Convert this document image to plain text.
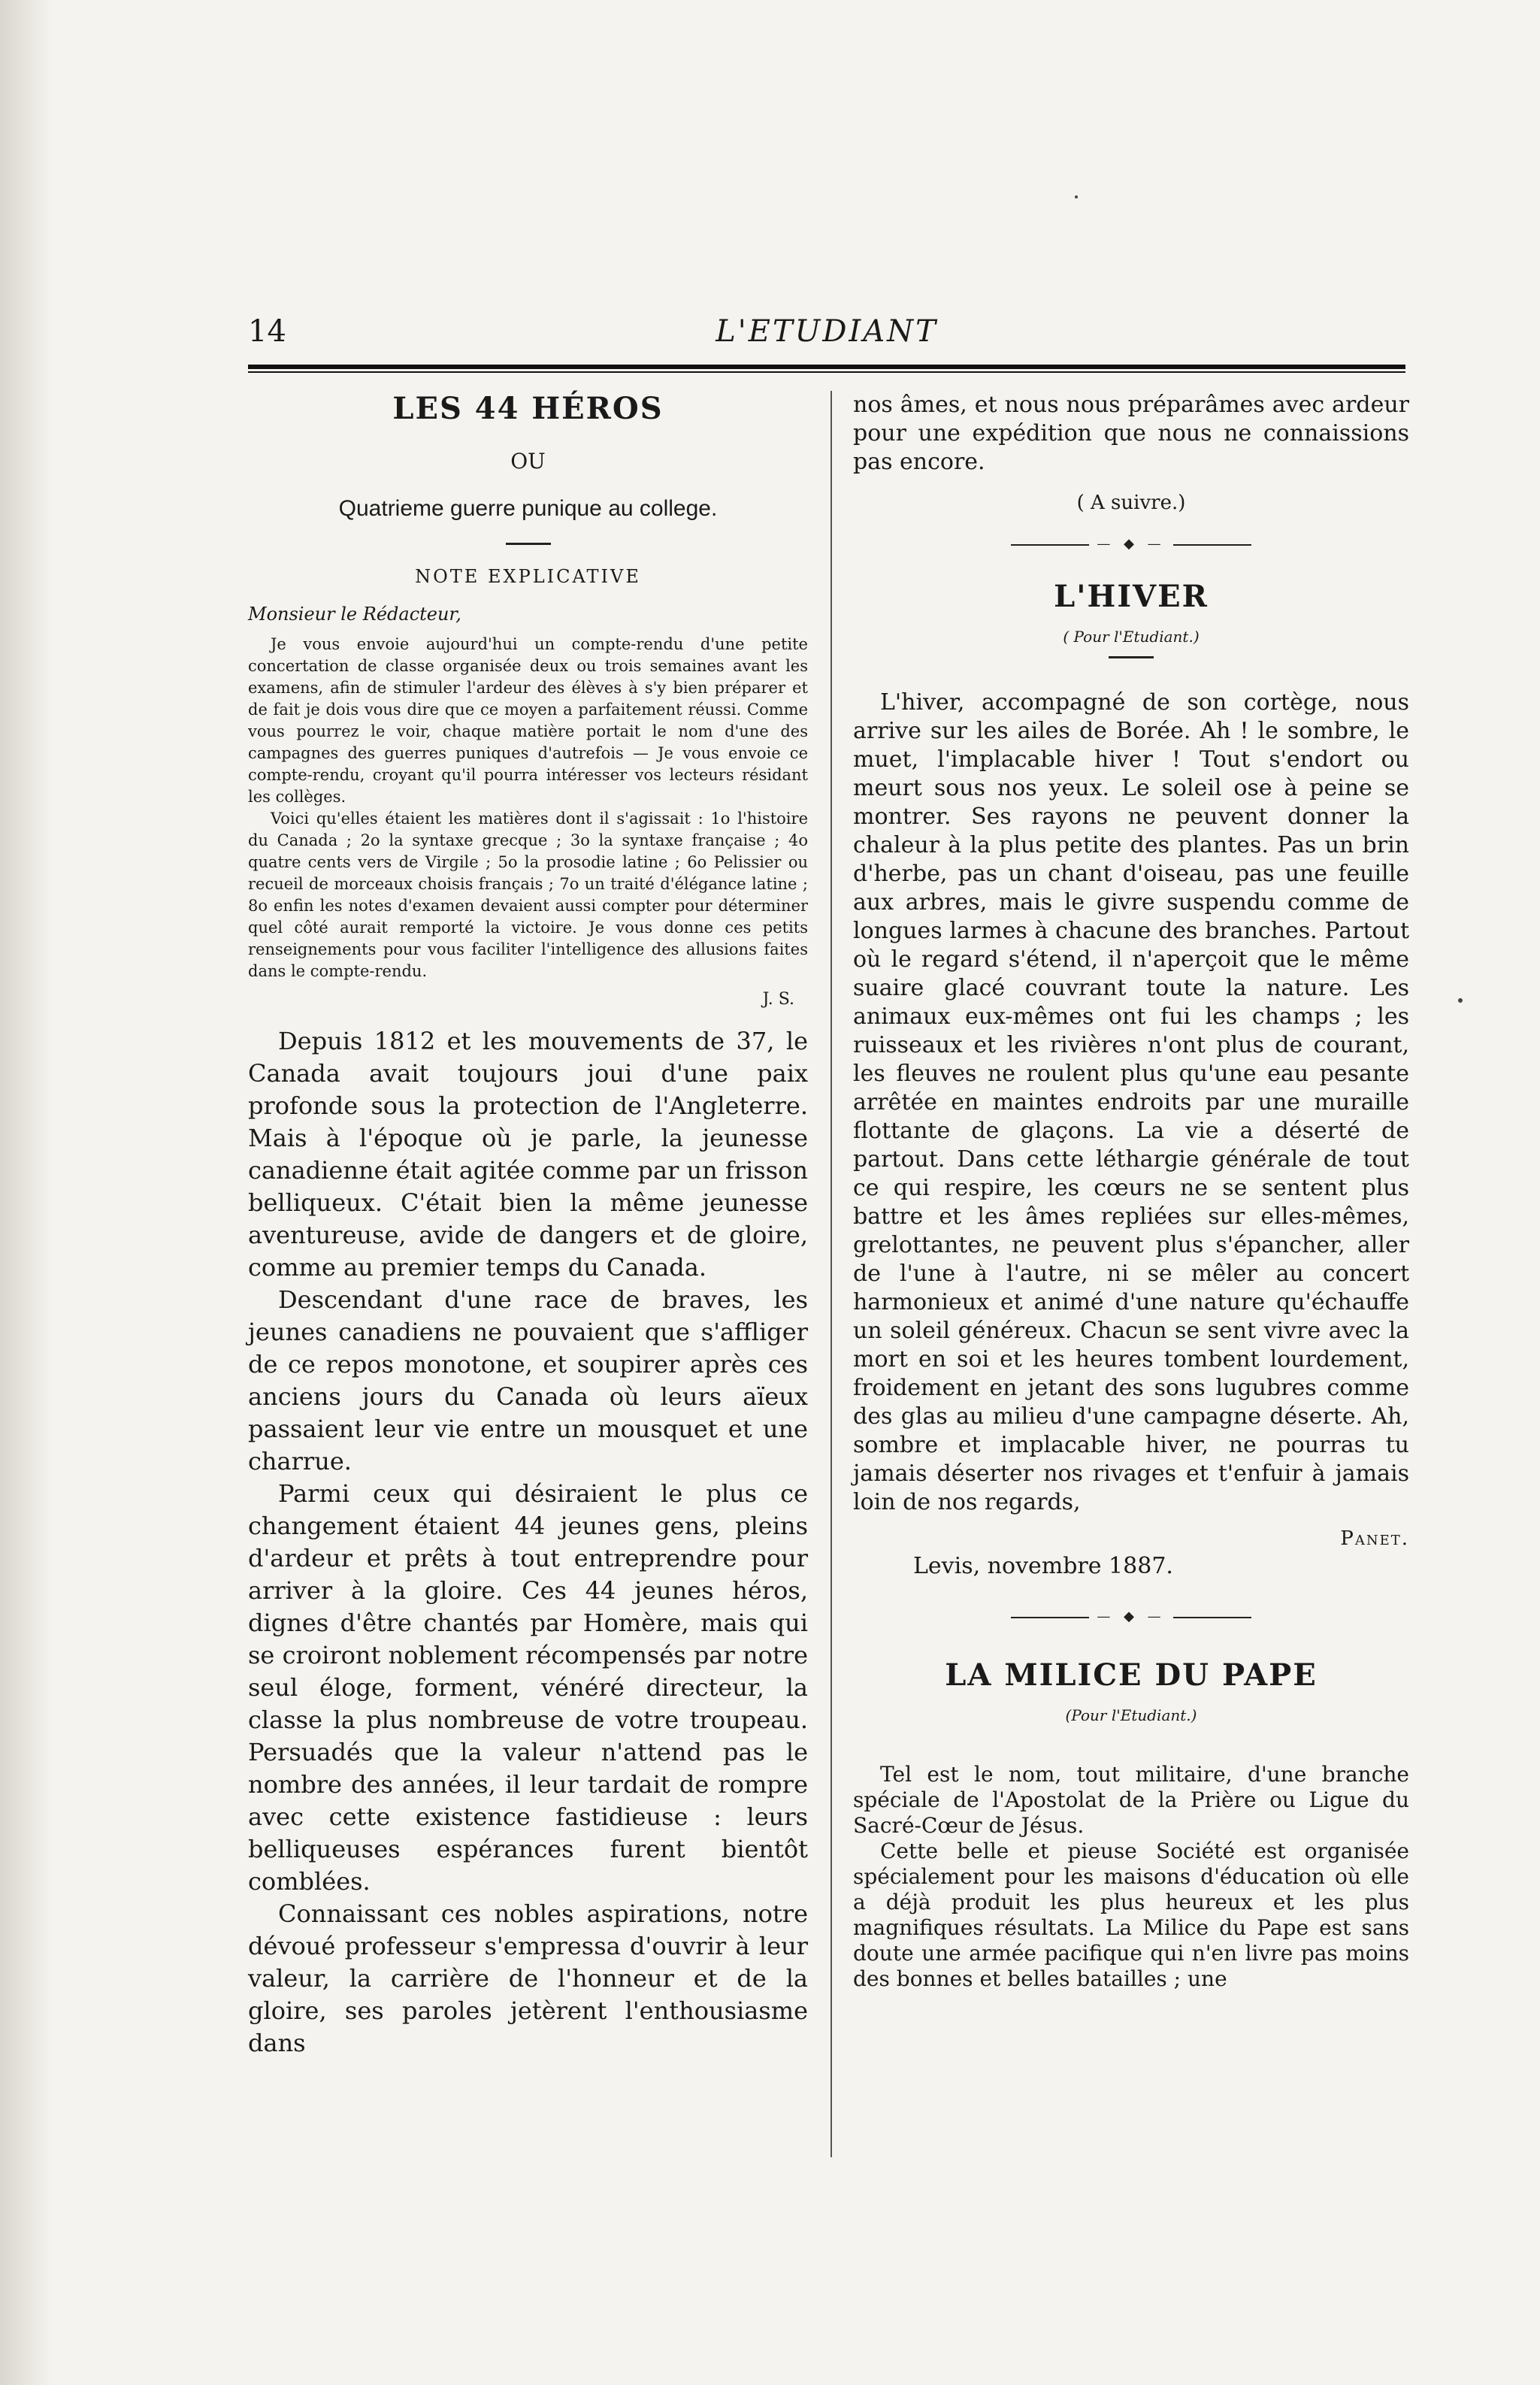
14	L'ETUDIANT
LES 44 HÉROS
OU
Quatrieme guerre punique au college.
NOTE EXPLICATIVE
Monsieur le Rédacteur,

Je vous envoie aujourd'hui un compte-rendu d'une petite concertation de classe organisée deux ou trois semaines avant les examens, afin de stimuler l'ardeur des élèves à s'y bien préparer et de fait je dois vous dire que ce moyen a parfaitement réussi. Comme vous pourrez le voir, chaque matière portait le nom d'une des campagnes des guerres puniques d'autrefois — Je vous envoie ce compte-rendu, croyant qu'il pourra intéresser vos lecteurs résidant les collèges.

Voici qu'elles étaient les matières dont il s'agissait : 1o l'histoire du Canada ; 2o la syntaxe grecque ; 3o la syntaxe française ; 4o quatre cents vers de Virgile ; 5o la prosodie latine ; 6o Pelissier ou recueil de morceaux choisis français ; 7o un traité d'élégance latine ; 8o enfin les notes d'examen devaient aussi compter pour déterminer quel côté aurait remporté la victoire. Je vous donne ces petits renseignements pour vous faciliter l'intelligence des allusions faites dans le compte-rendu.

J. S.

Depuis 1812 et les mouvements de 37, le Canada avait toujours joui d'une paix profonde sous la protection de l'Angleterre. Mais à l'époque où je parle, la jeunesse canadienne était agitée comme par un frisson belliqueux. C'était bien la même jeunesse aventureuse, avide de dangers et de gloire, comme au premier temps du Canada.

Descendant d'une race de braves, les jeunes canadiens ne pouvaient que s'affliger de ce repos monotone, et soupirer après ces anciens jours du Canada où leurs aïeux passaient leur vie entre un mousquet et une charrue.

Parmi ceux qui désiraient le plus ce changement étaient 44 jeunes gens, pleins d'ardeur et prêts à tout entreprendre pour arriver à la gloire. Ces 44 jeunes héros, dignes d'être chantés par Homère, mais qui se croiront noblement récompensés par notre seul éloge, forment, vénéré directeur, la classe la plus nombreuse de votre troupeau. Persuadés que la valeur n'attend pas le nombre des années, il leur tardait de rompre avec cette existence fastidieuse : leurs belliqueuses espérances furent bientôt comblées.

Connaissant ces nobles aspirations, notre dévoué professeur s'empressa d'ouvrir à leur valeur, la carrière de l'honneur et de la gloire, ses paroles jetèrent l'enthousiasme dans

nos âmes, et nous nous préparâmes avec ardeur pour une expédition que nous ne connaissions pas encore.

( A suivre.)
— ◆ —
L'HIVER
( Pour l'Etudiant.)

L'hiver, accompagné de son cortège, nous arrive sur les ailes de Borée. Ah ! le sombre, le muet, l'implacable hiver ! Tout s'endort ou meurt sous nos yeux. Le soleil ose à peine se montrer. Ses rayons ne peuvent donner la chaleur à la plus petite des plantes. Pas un brin d'herbe, pas un chant d'oiseau, pas une feuille aux arbres, mais le givre suspendu comme de longues larmes à chacune des branches. Partout où le regard s'étend, il n'aperçoit que le même suaire glacé couvrant toute la nature. Les animaux eux-mêmes ont fui les champs ; les ruisseaux et les rivières n'ont plus de courant, les fleuves ne roulent plus qu'une eau pesante arrêtée en maintes endroits par une muraille flottante de glaçons. La vie a déserté de partout. Dans cette léthargie générale de tout ce qui respire, les cœurs ne se sentent plus battre et les âmes repliées sur elles-mêmes, grelottantes, ne peuvent plus s'épancher, aller de l'une à l'autre, ni se mêler au concert harmonieux et animé d'une nature qu'échauffe un soleil généreux. Chacun se sent vivre avec la mort en soi et les heures tombent lourdement, froidement en jetant des sons lugubres comme des glas au milieu d'une campagne déserte. Ah, sombre et implacable hiver, ne pourras tu jamais déserter nos rivages et t'enfuir à jamais loin de nos regards,

Panet.
Levis, novembre 1887.
— ◆ —
LA MILICE DU PAPE
(Pour l'Etudiant.)

Tel est le nom, tout militaire, d'une branche spéciale de l'Apostolat de la Prière ou Ligue du Sacré-Cœur de Jésus.

Cette belle et pieuse Société est organisée spécialement pour les maisons d'éducation où elle a déjà produit les plus heureux et les plus magnifiques résultats. La Milice du Pape est sans doute une armée pacifique qui n'en livre pas moins des bonnes et belles batailles ; une
